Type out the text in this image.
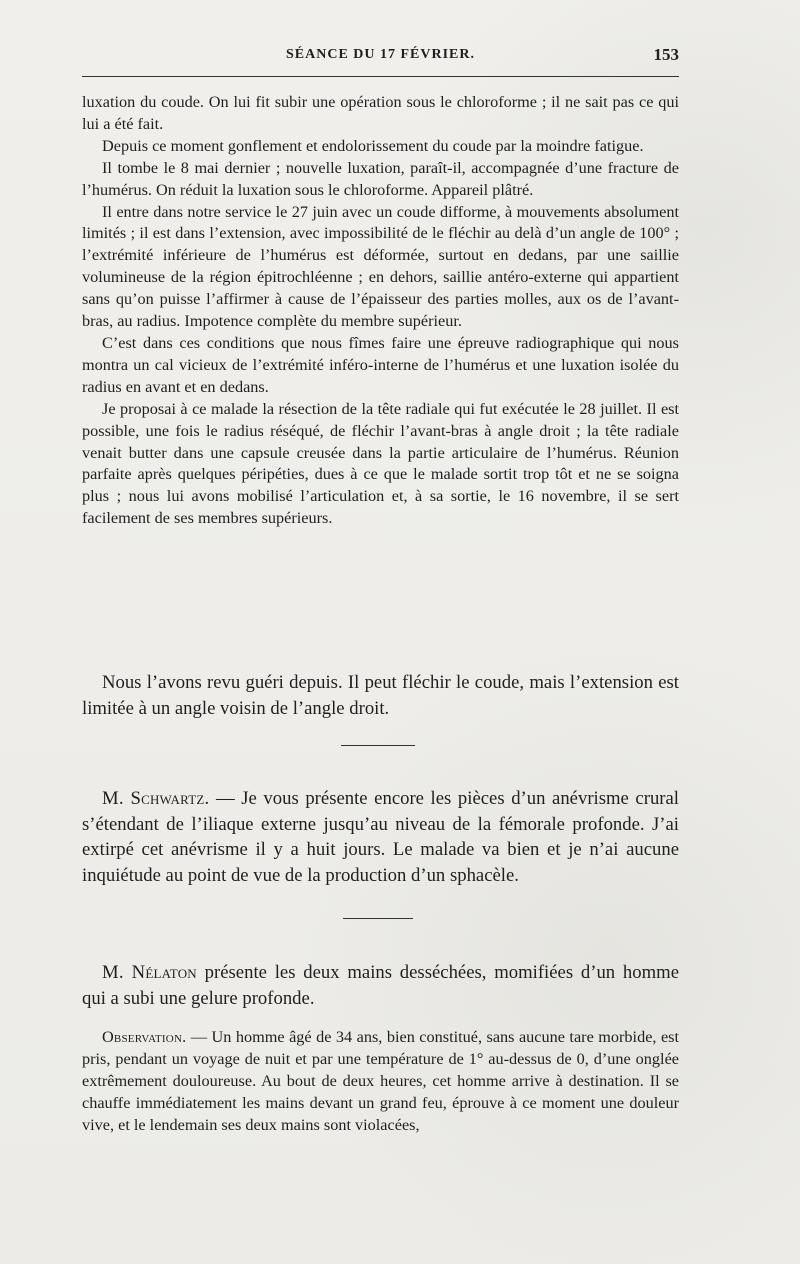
SÉANCE DU 17 FÉVRIER.	153

luxation du coude. On lui fit subir une opération sous le chloroforme ; il ne sait pas ce qui lui a été fait.

Depuis ce moment gonflement et endolorissement du coude par la moindre fatigue.

Il tombe le 8 mai dernier ; nouvelle luxation, paraît-il, accompagnée d’une fracture de l’humérus. On réduit la luxation sous le chloroforme. Appareil plâtré.

Il entre dans notre service le 27 juin avec un coude difforme, à mouvements absolument limités ; il est dans l’extension, avec impossibilité de le fléchir au delà d’un angle de 100° ; l’extrémité inférieure de l’humérus est déformée, surtout en dedans, par une saillie volumineuse de la région épitrochléenne ; en dehors, saillie antéro-externe qui appartient sans qu’on puisse l’affirmer à cause de l’épaisseur des parties molles, aux os de l’avant-bras, au radius. Impotence complète du membre supérieur.

C’est dans ces conditions que nous fîmes faire une épreuve radiographique qui nous montra un cal vicieux de l’extrémité inféro-interne de l’humérus et une luxation isolée du radius en avant et en dedans.

Je proposai à ce malade la résection de la tête radiale qui fut exécutée le 28 juillet. Il est possible, une fois le radius réséqué, de fléchir l’avant-bras à angle droit ; la tête radiale venait butter dans une capsule creusée dans la partie articulaire de l’humérus. Réunion parfaite après quelques péripéties, dues à ce que le malade sortit trop tôt et ne se soigna plus ; nous lui avons mobilisé l’articulation et, à sa sortie, le 16 novembre, il se sert facilement de ses membres supérieurs.

Nous l’avons revu guéri depuis. Il peut fléchir le coude, mais l’extension est limitée à un angle voisin de l’angle droit.

M. Schwartz. — Je vous présente encore les pièces d’un anévrisme crural s’étendant de l’iliaque externe jusqu’au niveau de la fémorale profonde. J’ai extirpé cet anévrisme il y a huit jours. Le malade va bien et je n’ai aucune inquiétude au point de vue de la production d’un sphacèle.

M. Nélaton présente les deux mains desséchées, momifiées d’un homme qui a subi une gelure profonde.

Observation. — Un homme âgé de 34 ans, bien constitué, sans aucune tare morbide, est pris, pendant un voyage de nuit et par une température de 1° au-dessus de 0, d’une onglée extrêmement douloureuse. Au bout de deux heures, cet homme arrive à destination. Il se chauffe immédiatement les mains devant un grand feu, éprouve à ce moment une douleur vive, et le lendemain ses deux mains sont violacées,
